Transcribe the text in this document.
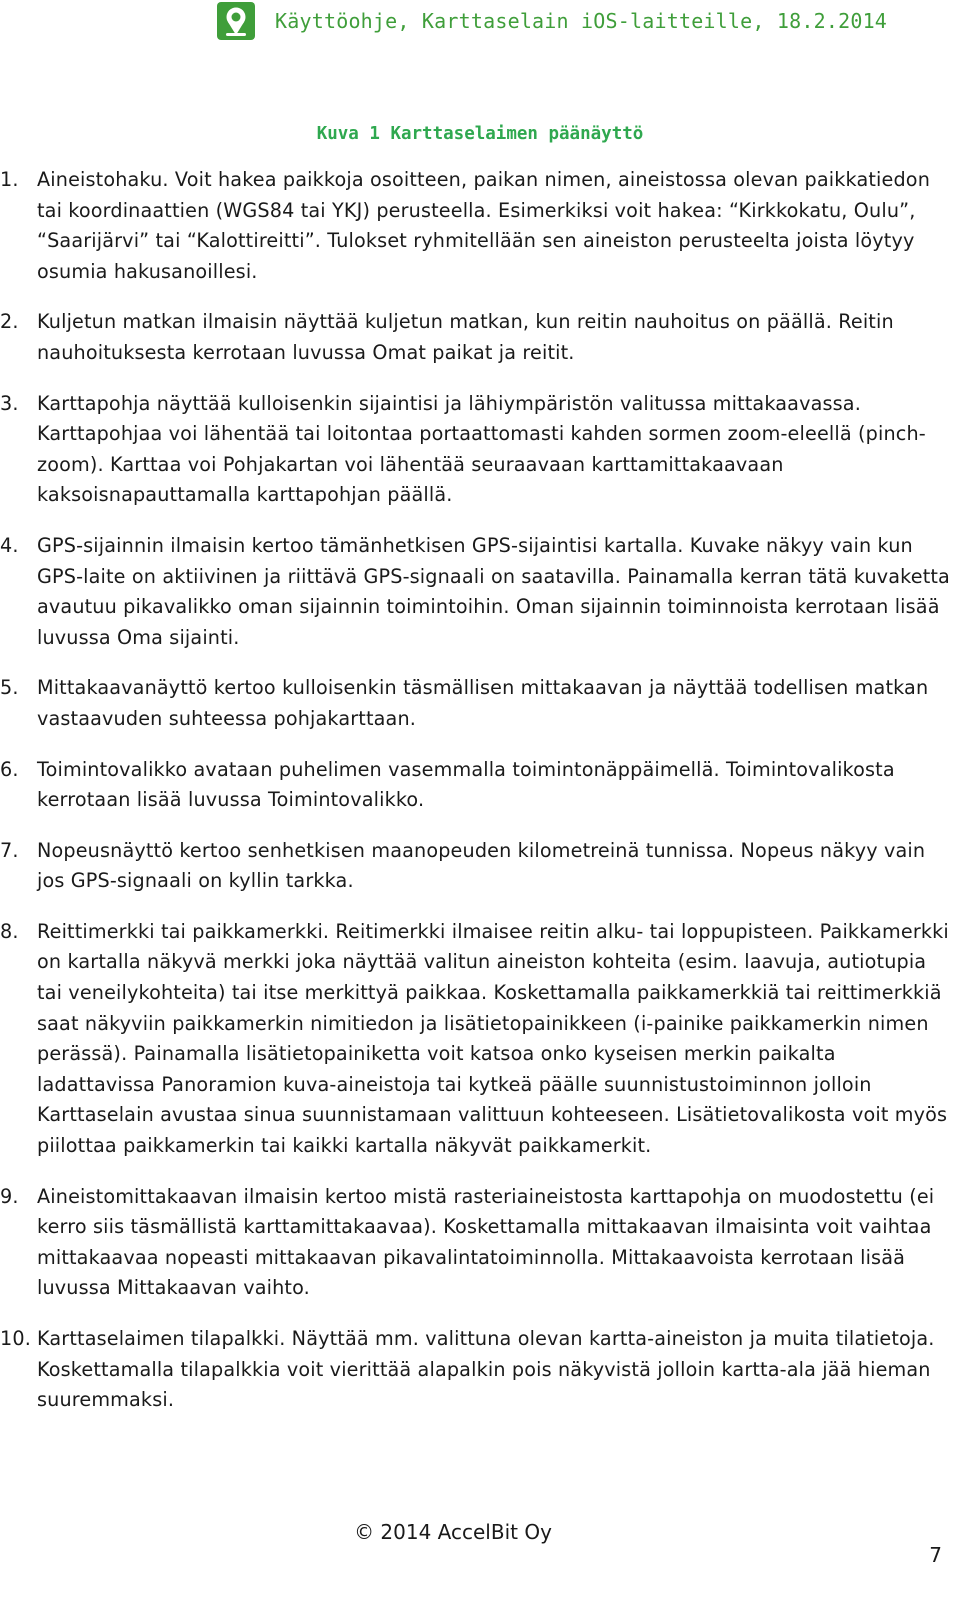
Käyttöohje, Karttaselain iOS-laitteille, 18.2.2014

Kuva 1 Karttaselaimen päänäyttö

1. Aineistohaku. Voit hakea paikkoja osoitteen, paikan nimen, aineistossa olevan paikkatiedon tai koordinaattien (WGS84 tai YKJ) perusteella. Esimerkiksi voit hakea: “Kirkkokatu, Oulu”, “Saarijärvi” tai “Kalottireitti”. Tulokset ryhmitellään sen aineiston perusteelta joista löytyy osumia hakusanoillesi.
2. Kuljetun matkan ilmaisin näyttää kuljetun matkan, kun reitin nauhoitus on päällä. Reitin nauhoituksesta kerrotaan luvussa Omat paikat ja reitit.
3. Karttapohja näyttää kulloisenkin sijaintisi ja lähiympäristön valitussa mittakaavassa. Karttapohjaa voi lähentää tai loitontaa portaattomasti kahden sormen zoom-eleellä (pinch-zoom). Karttaa voi Pohjakartan voi lähentää seuraavaan karttamittakaavaan kaksoisnapauttamalla karttapohjan päällä.
4. GPS-sijainnin ilmaisin kertoo tämänhetkisen GPS-sijaintisi kartalla. Kuvake näkyy vain kun GPS-laite on aktiivinen ja riittävä GPS-signaali on saatavilla. Painamalla kerran tätä kuvaketta avautuu pikavalikko oman sijainnin toimintoihin. Oman sijainnin toiminnoista kerrotaan lisää luvussa Oma sijainti.
5. Mittakaavanäyttö kertoo kulloisenkin täsmällisen mittakaavan ja näyttää todellisen matkan vastaavuden suhteessa pohjakarttaan.
6. Toimintovalikko avataan puhelimen vasemmalla toimintonäppäimellä. Toimintovalikosta kerrotaan lisää luvussa Toimintovalikko.
7. Nopeusnäyttö kertoo senhetkisen maanopeuden kilometreinä tunnissa. Nopeus näkyy vain jos GPS-signaali on kyllin tarkka.
8. Reittimerkki tai paikkamerkki. Reitimerkki ilmaisee reitin alku- tai loppupisteen. Paikkamerkki on kartalla näkyvä merkki joka näyttää valitun aineiston kohteita (esim. laavuja, autiotupia tai veneilykohteita) tai itse merkittyä paikkaa. Koskettamalla paikkamerkkiä tai reittimerkkiä saat näkyviin paikkamerkin nimitiedon ja lisätietopainikkeen (i-painike paikkamerkin nimen perässä). Painamalla lisätietopainiketta voit katsoa onko kyseisen merkin paikalta ladattavissa Panoramion kuva-aineistoja tai kytkeä päälle suunnistustoiminnon jolloin Karttaselain avustaa sinua suunnistamaan valittuun kohteeseen. Lisätietovalikosta voit myös piilottaa paikkamerkin tai kaikki kartalla näkyvät paikkamerkit.
9. Aineistomittakaavan ilmaisin kertoo mistä rasteriaineistosta karttapohja on muodostettu (ei kerro siis täsmällistä karttamittakaavaa). Koskettamalla mittakaavan ilmaisinta voit vaihtaa mittakaavaa nopeasti mittakaavan pikavalintatoiminnolla. Mittakaavoista kerrotaan lisää luvussa Mittakaavan vaihto.
10. Karttaselaimen tilapalkki. Näyttää mm. valittuna olevan kartta-aineiston ja muita tilatietoja. Koskettamalla tilapalkkia voit vierittää alapalkin pois näkyvistä jolloin kartta-ala jää hieman suuremmaksi.
© 2014 AccelBit Oy
7
